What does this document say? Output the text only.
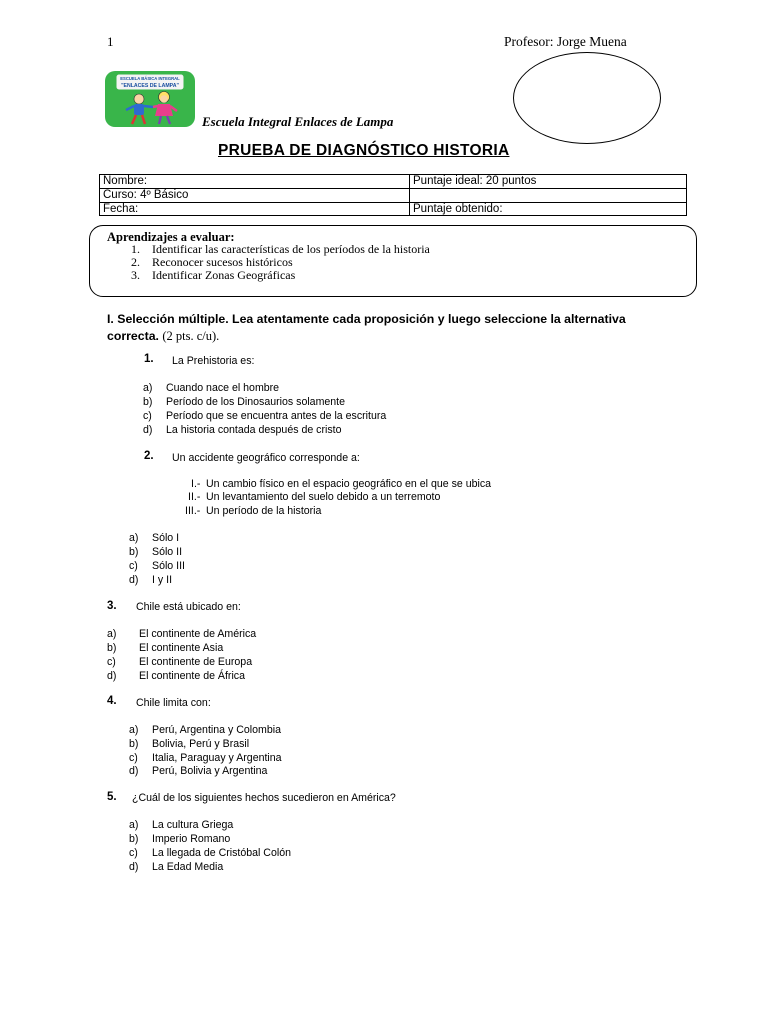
1	Profesor: Jorge Muena
ESCUELA BÁSICA INTEGRAL
"ENLACES DE LAMPA"
Escuela Integral Enlaces de Lampa
PRUEBA DE DIAGNÓSTICO HISTORIA
Nombre:	Puntaje ideal: 20 puntos
Curso: 4º Básico	
Fecha:	Puntaje obtenido:
Aprendizajes a evaluar:
1. Identificar las características de los períodos de la historia
2. Reconocer sucesos históricos
3. Identificar Zonas Geográficas
I. Selección múltiple. Lea atentamente cada proposición y luego seleccione la alternativa correcta. (2 pts. c/u).
1. La Prehistoria es:
a) Cuando nace el hombre
b) Período de los Dinosaurios solamente
c) Período que se encuentra antes de la escritura
d) La historia contada después de cristo
2. Un accidente geográfico corresponde a:
I.- Un cambio físico en el espacio geográfico en el que se ubica
II.- Un levantamiento del suelo debido a un terremoto
III.- Un período de la historia
a) Sólo I
b) Sólo II
c) Sólo III
d) I y II
3. Chile está ubicado en:
a) El continente de América
b) El continente Asia
c) El continente de Europa
d) El continente de África
4. Chile limita con:
a) Perú, Argentina y Colombia
b) Bolivia, Perú y Brasil
c) Italia, Paraguay y Argentina
d) Perú, Bolivia y Argentina
5. ¿Cuál de los siguientes hechos sucedieron en América?
a) La cultura Griega
b) Imperio Romano
c) La llegada de Cristóbal Colón
d) La Edad Media
